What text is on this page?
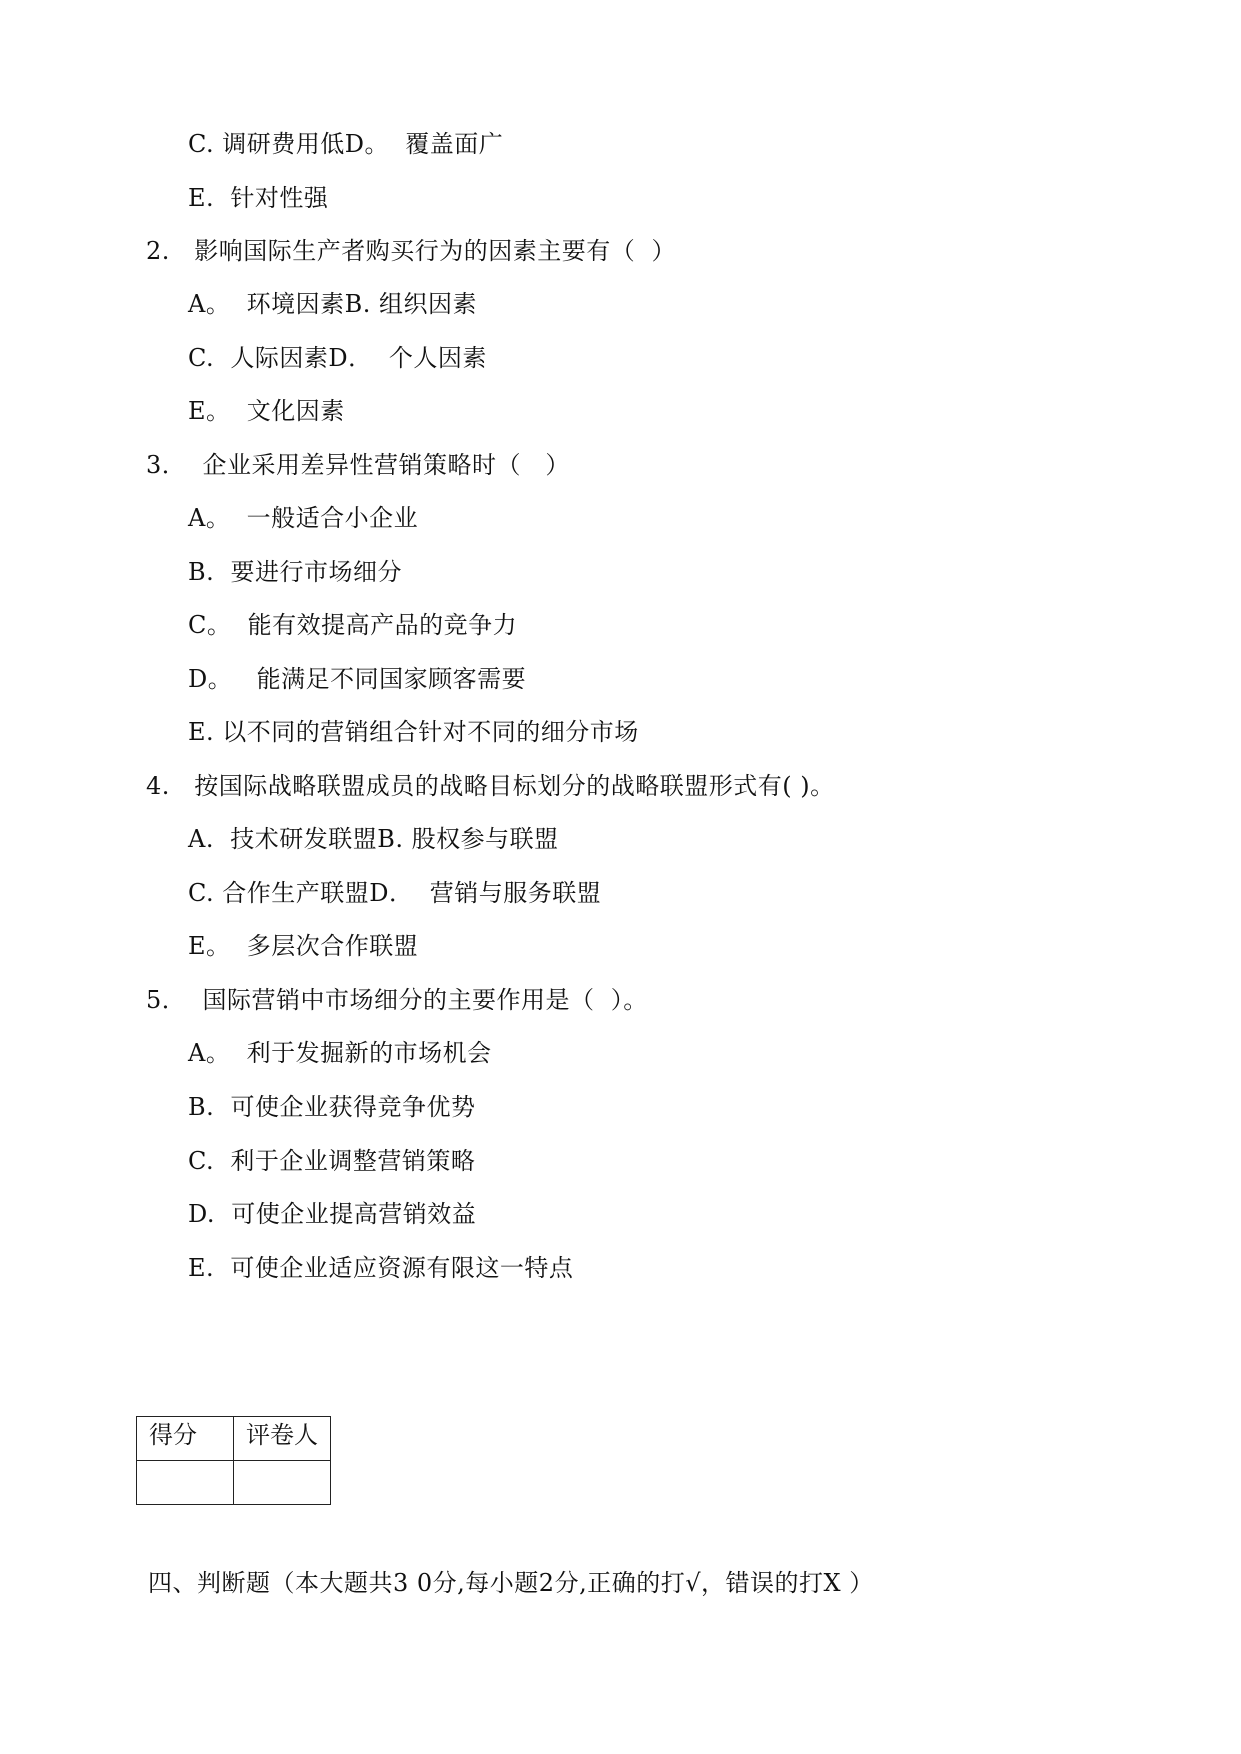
C. 调研费用低D。  覆盖面广
E.  针对性强
2.   影响国际生产者购买行为的因素主要有（  ）
A。  环境因素B. 组织因素
C.  人际因素D．  个人因素
E。  文化因素
3．  企业采用差异性营销策略时（   ）
A。  一般适合小企业
B.  要进行市场细分
C。  能有效提高产品的竞争力
D。   能满足不同国家顾客需要
E. 以不同的营销组合针对不同的细分市场
4.   按国际战略联盟成员的战略目标划分的战略联盟形式有( )。
A.  技术研发联盟B. 股权参与联盟
C. 合作生产联盟D．  营销与服务联盟
E。  多层次合作联盟
5．  国际营销中市场细分的主要作用是（  ）。
A。  利于发掘新的市场机会
B.  可使企业获得竞争优势
C.  利于企业调整营销策略
D.  可使企业提高营销效益
E.  可使企业适应资源有限这一特点
得分	评卷人

四、判断题（本大题共3 0分,每小题2分,正确的打√，错误的打X ）
